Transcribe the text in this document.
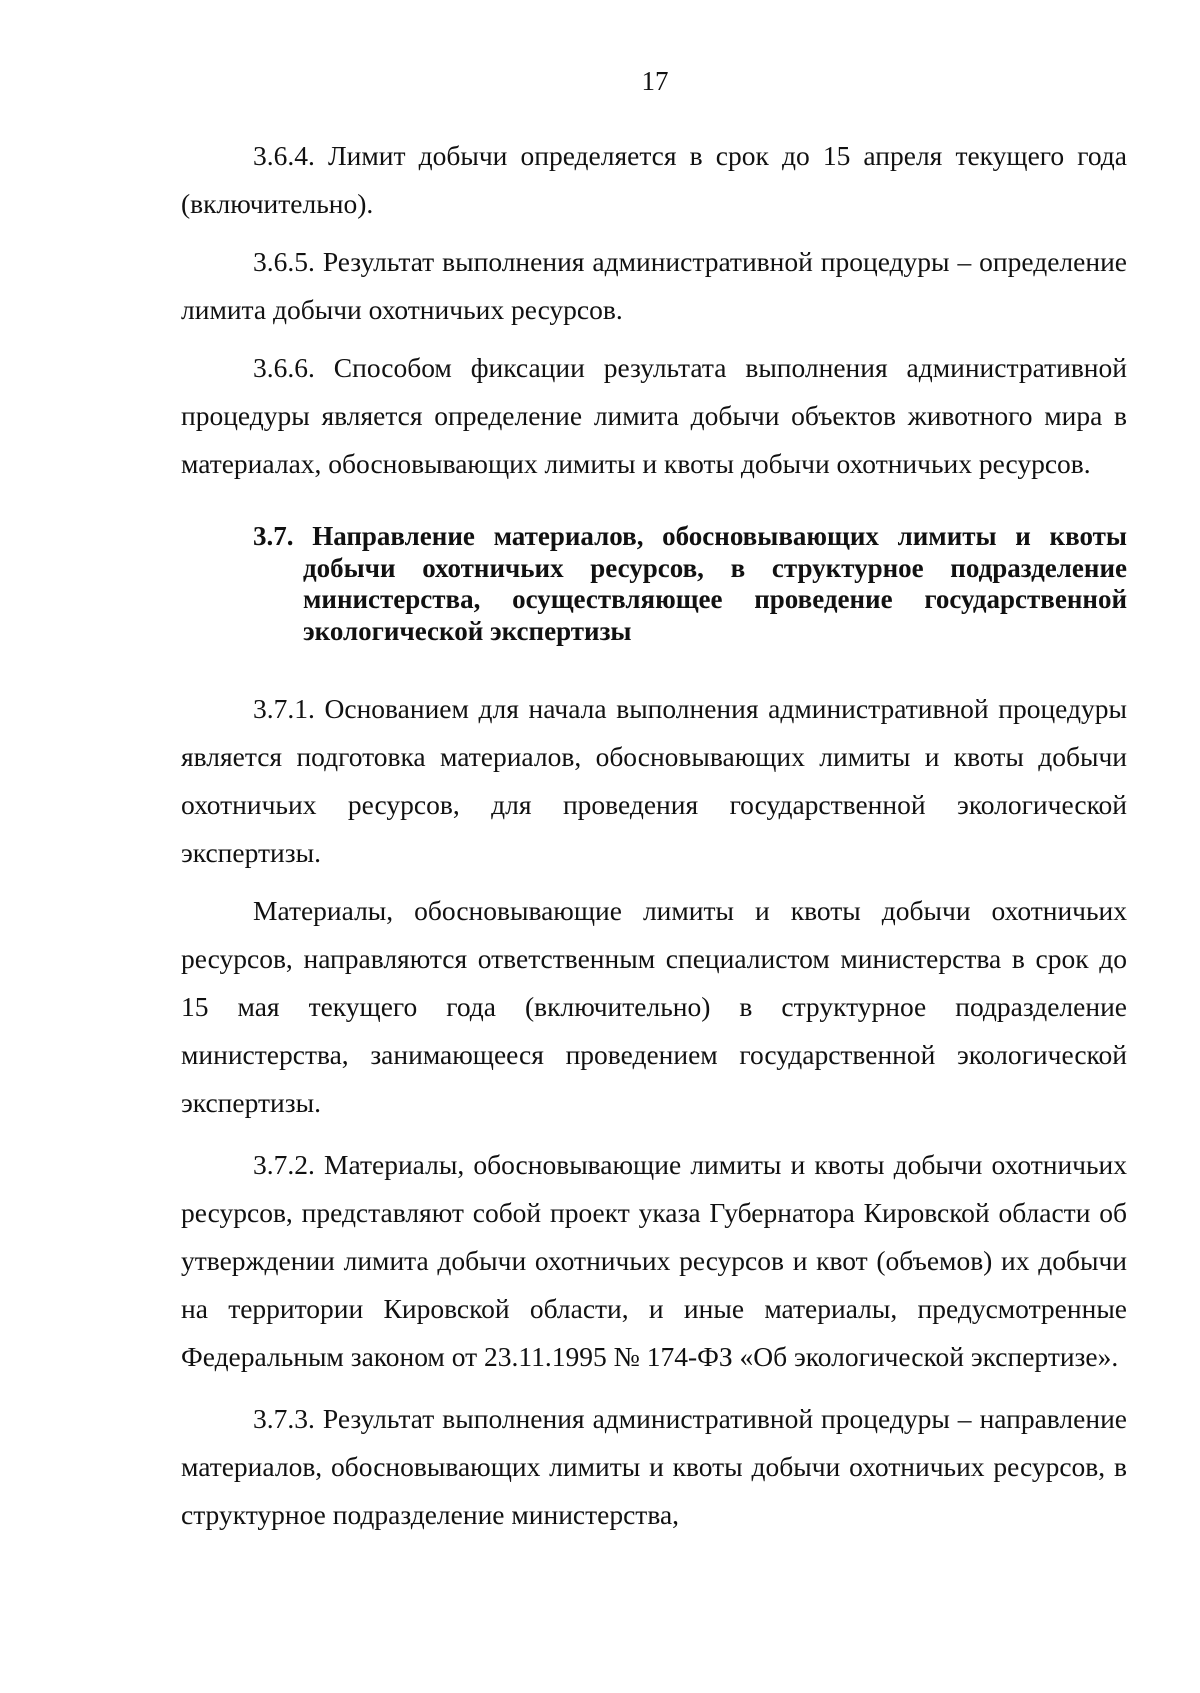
17

3.6.4. Лимит добычи определяется в срок до 15 апреля текущего года (включительно).

3.6.5. Результат выполнения административной процедуры – определение лимита добычи охотничьих ресурсов.

3.6.6. Способом фиксации результата выполнения административной процедуры является определение лимита добычи объектов животного мира в материалах, обосновывающих лимиты и квоты добычи охотничьих ресурсов.

3.7. Направление материалов, обосновывающих лимиты и квоты добычи охотничьих ресурсов, в структурное подразделение министерства, осуществляющее проведение государственной экологической экспертизы

3.7.1. Основанием для начала выполнения административной процедуры является подготовка материалов, обосновывающих лимиты и квоты добычи охотничьих ресурсов, для проведения государственной экологической экспертизы.

Материалы, обосновывающие лимиты и квоты добычи охотничьих ресурсов, направляются ответственным специалистом министерства в срок до 15 мая текущего года (включительно) в структурное подразделение министерства, занимающееся проведением государственной экологической экспертизы.

3.7.2. Материалы, обосновывающие лимиты и квоты добычи охотничьих ресурсов, представляют собой проект указа Губернатора Кировской области об утверждении лимита добычи охотничьих ресурсов и квот (объемов) их добычи на территории Кировской области, и иные материалы, предусмотренные Федеральным законом от 23.11.1995 № 174-ФЗ «Об экологической экспертизе».

3.7.3. Результат выполнения административной процедуры – направление материалов, обосновывающих лимиты и квоты добычи охотничьих ресурсов, в структурное подразделение министерства,
